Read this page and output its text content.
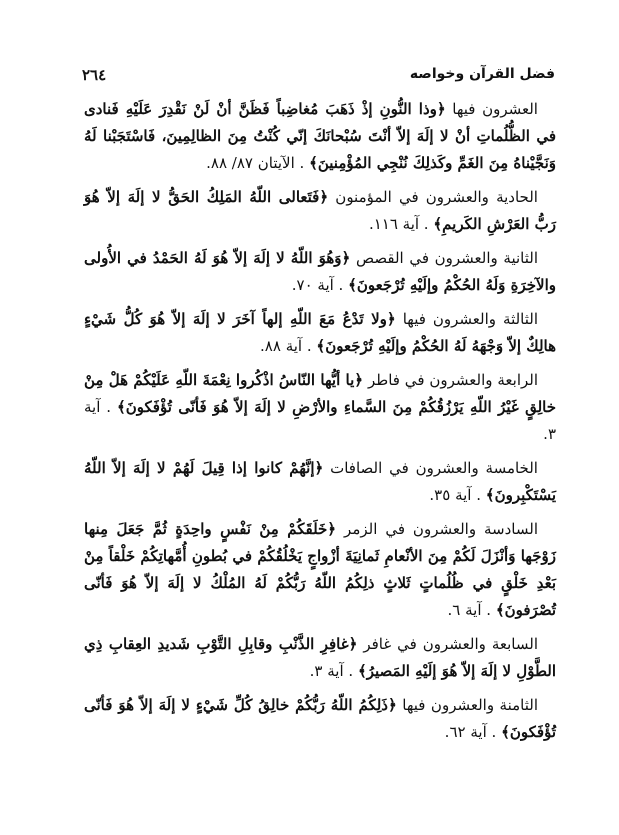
٢٦٤	فضل القرآن وخواصه

العشرون فيها ﴿وذا النُّونِ إذْ ذَهَبَ مُغاضِباً فَظَنَّ أنْ لَنْ نَقْدِرَ عَلَيْهِ فَنادى في الظُّلُماتِ أنْ لا إلَهَ إلاّ أنْتَ سُبْحانَكَ إنّي كُنْتُ مِنَ الظالِمِينَ، فَاسْتَجَبْنا لَهُ وَنَجَّيْناهُ مِنَ الغَمِّ وكَذلِكَ نُنْجِي المُؤْمِنينَ﴾ . الآيتان ٨٧/ ٨٨.

الحادية والعشرون في المؤمنون ﴿فَتَعالى اللّهُ المَلِكُ الحَقُّ لا إلَهَ إلاّ هُوَ رَبُّ العَرْشِ الكَريمِ﴾ . آية ١١٦.

الثانية والعشرون في القصص ﴿وَهُوَ اللّهُ لا إلَهَ إلاّ هُوَ لَهُ الحَمْدُ في الأُولى والآخِرَةِ وَلَهُ الحُكْمُ وإلَيْهِ تُرْجَعونَ﴾ . آية ٧٠.

الثالثة والعشرون فيها ﴿ولا تَدْعُ مَعَ اللّهِ إلهاً آخَرَ لا إلَهَ إلاّ هُوَ كُلُّ شَيْءٍ هالِكٌ إلاّ وَجْهَهُ لَهُ الحُكْمُ وإلَيْهِ تُرْجَعونَ﴾ . آية ٨٨.

الرابعة والعشرون في فاطر ﴿يا أيُّها النّاسُ اذْكُروا نِعْمَةَ اللّهِ عَلَيْكُمْ هَلْ مِنْ خالِقٍ غَيْرُ اللّهِ يَرْزُقُكُمْ مِنَ السَّماءِ والأرْضِ لا إلَهَ إلاّ هُوَ فَأنّى تُؤْفَكونَ﴾ . آية ٣.

الخامسة والعشرون في الصافات ﴿إنَّهُمْ كانوا إذا قِيلَ لَهُمْ لا إلَهَ إلاّ اللّهُ يَسْتَكْبِرونَ﴾ . آية ٣٥.

السادسة والعشرون في الزمر ﴿خَلَقَكُمْ مِنْ نَفْسٍ واحِدَةٍ ثُمَّ جَعَلَ مِنها زَوْجَها وَأنْزَلَ لَكُمْ مِنَ الأنْعامِ ثَمانِيَةَ أزْواجٍ يَخْلُقُكُمْ في بُطونِ أُمَّهاتِكُمْ خَلْقاً مِنْ بَعْدِ خَلْقٍ في ظُلُماتٍ ثَلاثٍ ذلِكُمُ اللّهُ رَبُّكُمْ لَهُ المُلْكُ لا إلَهَ إلاّ هُوَ فَأنّى تُصْرَفونَ﴾ . آية ٦.

السابعة والعشرون في غافر ﴿غافِرِ الذَّنْبِ وقابِلِ التَّوْبِ شَديدِ العِقابِ ذِي الطَّوْلِ لا إلَهَ إلاّ هُوَ إلَيْهِ المَصيرُ﴾ . آية ٣.

الثامنة والعشرون فيها ﴿ذَلِكُمُ اللّهُ رَبُّكُمْ خالِقُ كُلِّ شَيْءٍ لا إلَهَ إلاّ هُوَ فَأنّى تُؤْفَكونَ﴾ . آية ٦٢.
